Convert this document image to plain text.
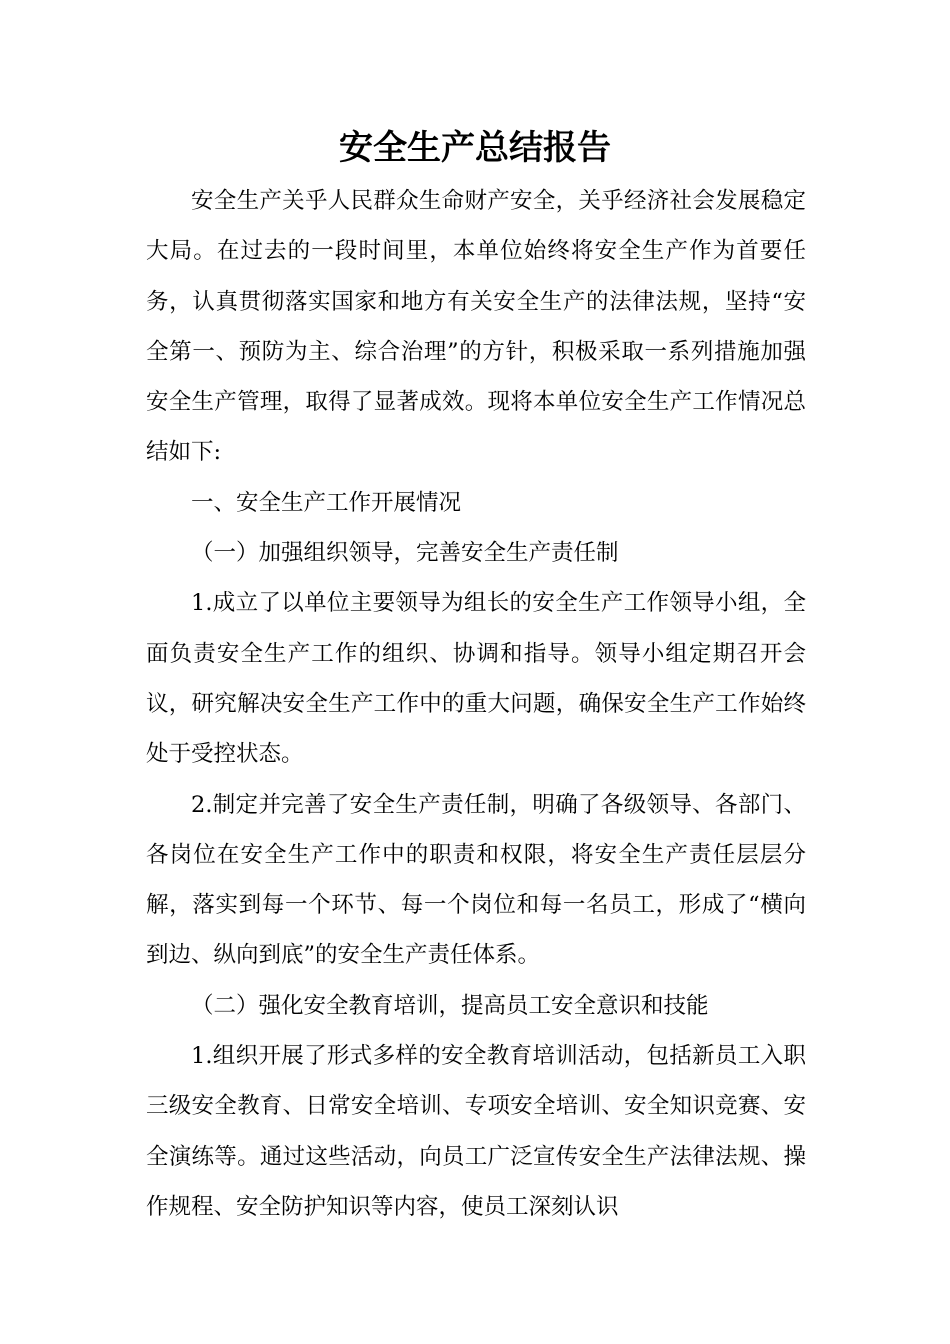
安全生产总结报告

安全生产关乎人民群众生命财产安全，关乎经济社会发展稳定大局。在过去的一段时间里，本单位始终将安全生产作为首要任务，认真贯彻落实国家和地方有关安全生产的法律法规，坚持“安全第一、预防为主、综合治理”的方针，积极采取一系列措施加强安全生产管理，取得了显著成效。现将本单位安全生产工作情况总结如下:

一、安全生产工作开展情况

（一）加强组织领导，完善安全生产责任制

1.成立了以单位主要领导为组长的安全生产工作领导小组，全面负责安全生产工作的组织、协调和指导。领导小组定期召开会议，研究解决安全生产工作中的重大问题，确保安全生产工作始终处于受控状态。

2.制定并完善了安全生产责任制，明确了各级领导、各部门、各岗位在安全生产工作中的职责和权限，将安全生产责任层层分解，落实到每一个环节、每一个岗位和每一名员工，形成了“横向到边、纵向到底”的安全生产责任体系。

（二）强化安全教育培训，提高员工安全意识和技能

1.组织开展了形式多样的安全教育培训活动，包括新员工入职三级安全教育、日常安全培训、专项安全培训、安全知识竞赛、安全演练等。通过这些活动，向员工广泛宣传安全生产法律法规、操作规程、安全防护知识等内容，使员工深刻认识
